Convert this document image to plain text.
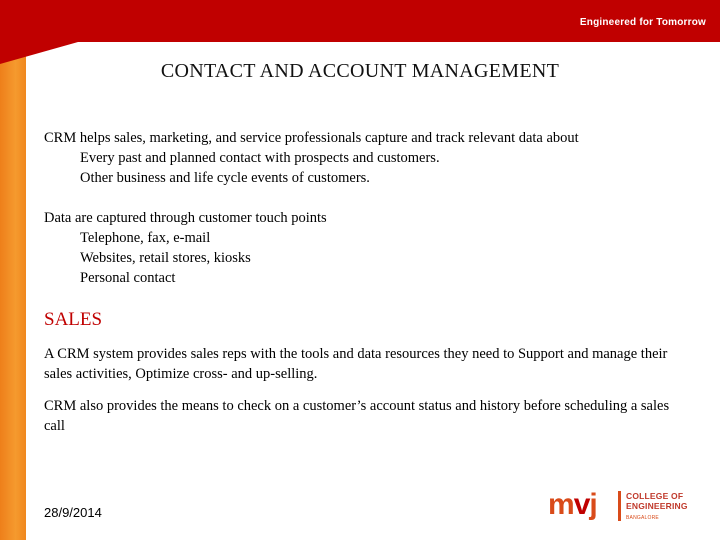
Engineered for Tomorrow
CONTACT AND ACCOUNT MANAGEMENT

CRM helps sales, marketing, and service professionals capture and track relevant data about

Every past and planned contact with prospects and customers.
Other business and life cycle events of customers.

Data are captured through customer touch points

Telephone, fax, e-mail
Websites, retail stores, kiosks
Personal contact

SALES

A CRM system provides sales reps with the tools and data resources they need to Support and manage their sales activities, Optimize cross- and up-selling.

CRM also provides the means to check on a customer’s account status and history before scheduling a sales call

28/9/2014	mvj	COLLEGE OF
ENGINEERING
BANGALORE
